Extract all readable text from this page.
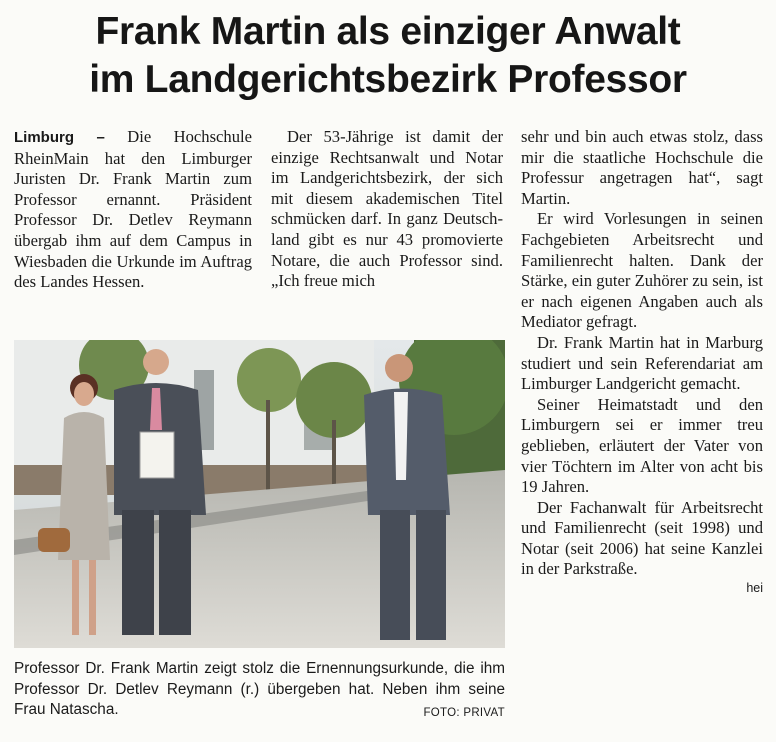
Frank Martin als einziger Anwalt
im Landgerichtsbezirk Professor

Limburg – Die Hochschule RheinMain hat den Limburger Juristen Dr. Frank Martin zum Professor ernannt. Präsident Professor Dr. Detlev Reymann übergab ihm auf dem Campus in Wiesbaden die Urkunde im Auftrag des Landes Hessen.

Der 53-Jährige ist damit der einzige Rechtsanwalt und Notar im Landgerichtsbezirk, der sich mit diesem akademischen Titel schmücken darf. In ganz Deutschland gibt es nur 43 promovierte Notare, die auch Professor sind. „Ich freue mich

sehr und bin auch etwas stolz, dass mir die staatliche Hochschule die Professur angetragen hat“, sagt Martin.

Er wird Vorlesungen in seinen Fachgebieten Arbeitsrecht und Familienrecht halten. Dank der Stärke, ein guter Zuhörer zu sein, ist er nach eigenen Angaben auch als Mediator gefragt.

Dr. Frank Martin hat in Marburg studiert und sein Referendariat am Limburger Landgericht gemacht.

Seiner Heimatstadt und den Limburgern sei er immer treu geblieben, erläutert der Vater von vier Töchtern im Alter von acht bis 19 Jahren.

Der Fachanwalt für Arbeitsrecht und Familienrecht (seit 1998) und Notar (seit 2006) hat seine Kanzlei in der Parkstraße.

hei
Professor Dr. Frank Martin zeigt stolz die Ernennungsurkunde, die ihm Professor Dr. Detlev Reymann (r.) übergeben hat. Neben ihm seine Frau Natascha.	FOTO: PRIVAT
